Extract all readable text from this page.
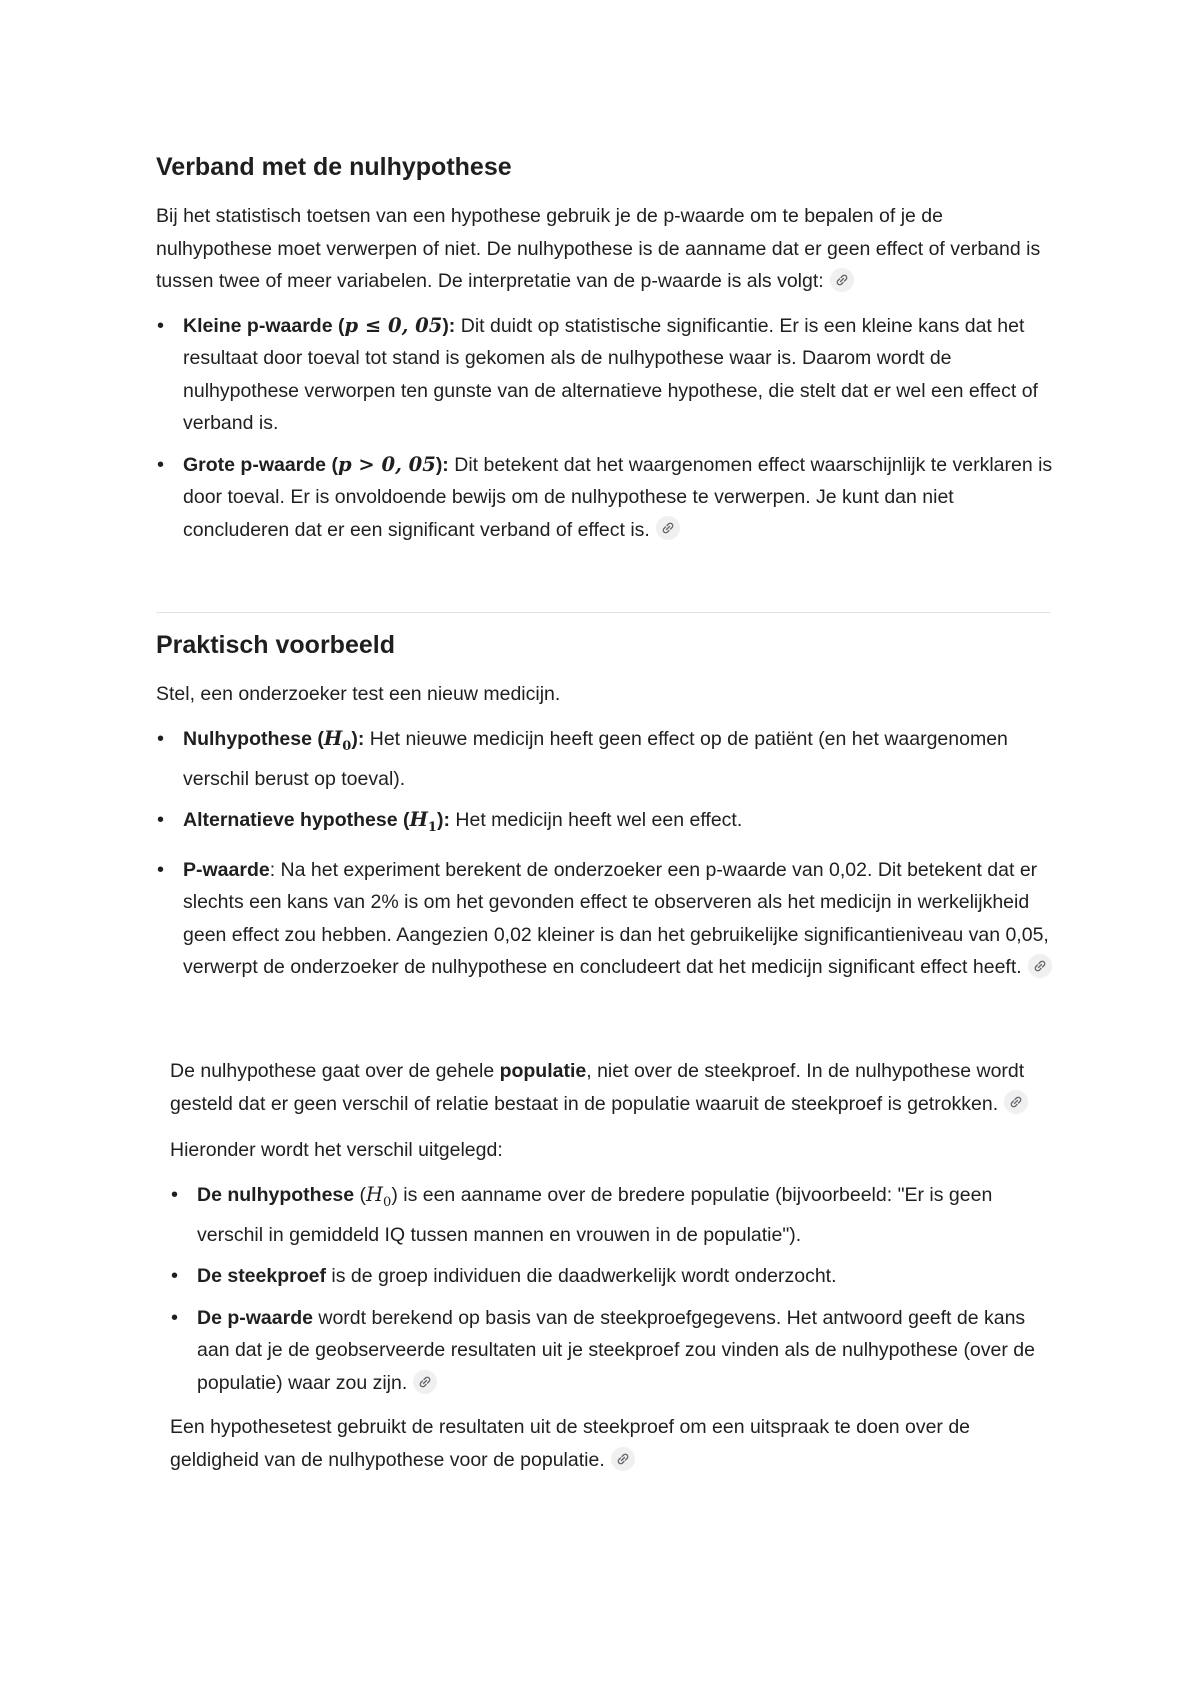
Verband met de nulhypothese

Bij het statistisch toetsen van een hypothese gebruik je de p-waarde om te bepalen of je de nulhypothese moet verwerpen of niet. De nulhypothese is de aanname dat er geen effect of verband is tussen twee of meer variabelen. De interpretatie van de p-waarde is als volgt:

• Kleine p-waarde (p ≤ 0, 05): Dit duidt op statistische significantie. Er is een kleine kans dat het resultaat door toeval tot stand is gekomen als de nulhypothese waar is. Daarom wordt de nulhypothese verworpen ten gunste van de alternatieve hypothese, die stelt dat er wel een effect of verband is.
• Grote p-waarde (p > 0, 05): Dit betekent dat het waargenomen effect waarschijnlijk te verklaren is door toeval. Er is onvoldoende bewijs om de nulhypothese te verwerpen. Je kunt dan niet concluderen dat er een significant verband of effect is.
Praktisch voorbeeld

Stel, een onderzoeker test een nieuw medicijn.

• Nulhypothese $(H_0)$: Het nieuwe medicijn heeft geen effect op de patiënt (en het waargenomen verschil berust op toeval).
• Alternatieve hypothese $(H_1)$: Het medicijn heeft wel een effect.
• P-waarde: Na het experiment berekent de onderzoeker een p-waarde van 0,02. Dit betekent dat er slechts een kans van 2% is om het gevonden effect te observeren als het medicijn in werkelijkheid geen effect zou hebben. Aangezien 0,02 kleiner is dan het gebruikelijke significantieniveau van 0,05, verwerpt de onderzoeker de nulhypothese en concludeert dat het medicijn significant effect heeft.

De nulhypothese gaat over de gehele populatie, niet over de steekproef. In de nulhypothese wordt gesteld dat er geen verschil of relatie bestaat in de populatie waaruit de steekproef is getrokken.

Hieronder wordt het verschil uitgelegd:

• De nulhypothese $(H_0)$ is een aanname over de bredere populatie (bijvoorbeeld: "Er is geen verschil in gemiddeld IQ tussen mannen en vrouwen in de populatie").
• De steekproef is de groep individuen die daadwerkelijk wordt onderzocht.
• De p-waarde wordt berekend op basis van de steekproefgegevens. Het antwoord geeft de kans aan dat je de geobserveerde resultaten uit je steekproef zou vinden als de nulhypothese (over de populatie) waar zou zijn.

Een hypothesetest gebruikt de resultaten uit de steekproef om een uitspraak te doen over de geldigheid van de nulhypothese voor de populatie.
